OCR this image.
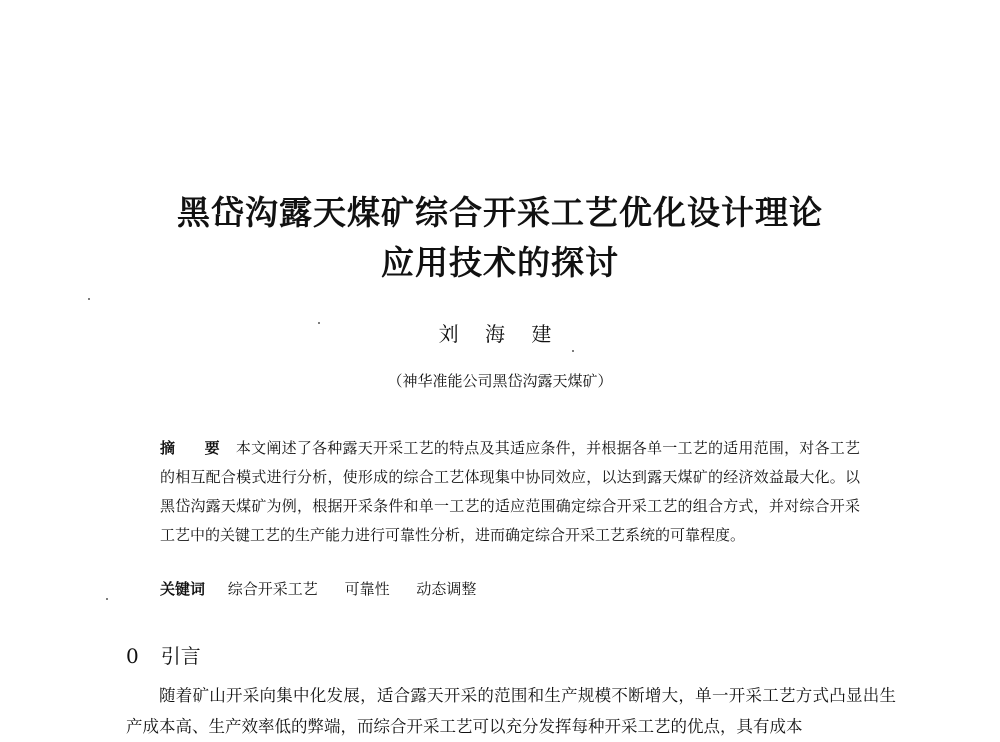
黑岱沟露天煤矿综合开采工艺优化设计理论
应用技术的探讨
刘 海 建
（神华准能公司黑岱沟露天煤矿）
摘 要 本文阐述了各种露天开采工艺的特点及其适应条件，并根据各单一工艺的适用范围，对各工艺的相互配合模式进行分析，使形成的综合工艺体现集中协同效应，以达到露天煤矿的经济效益最大化。以黑岱沟露天煤矿为例，根据开采条件和单一工艺的适应范围确定综合开采工艺的组合方式，并对综合开采工艺中的关键工艺的生产能力进行可靠性分析，进而确定综合开采工艺系统的可靠程度。
关键词 综合开采工艺 可靠性 动态调整
0 引言
随着矿山开采向集中化发展，适合露天开采的范围和生产规模不断增大，单一开采工艺方式凸显出生产成本高、生产效率低的弊端，而综合开采工艺可以充分发挥每种开采工艺的优点，具有成本
